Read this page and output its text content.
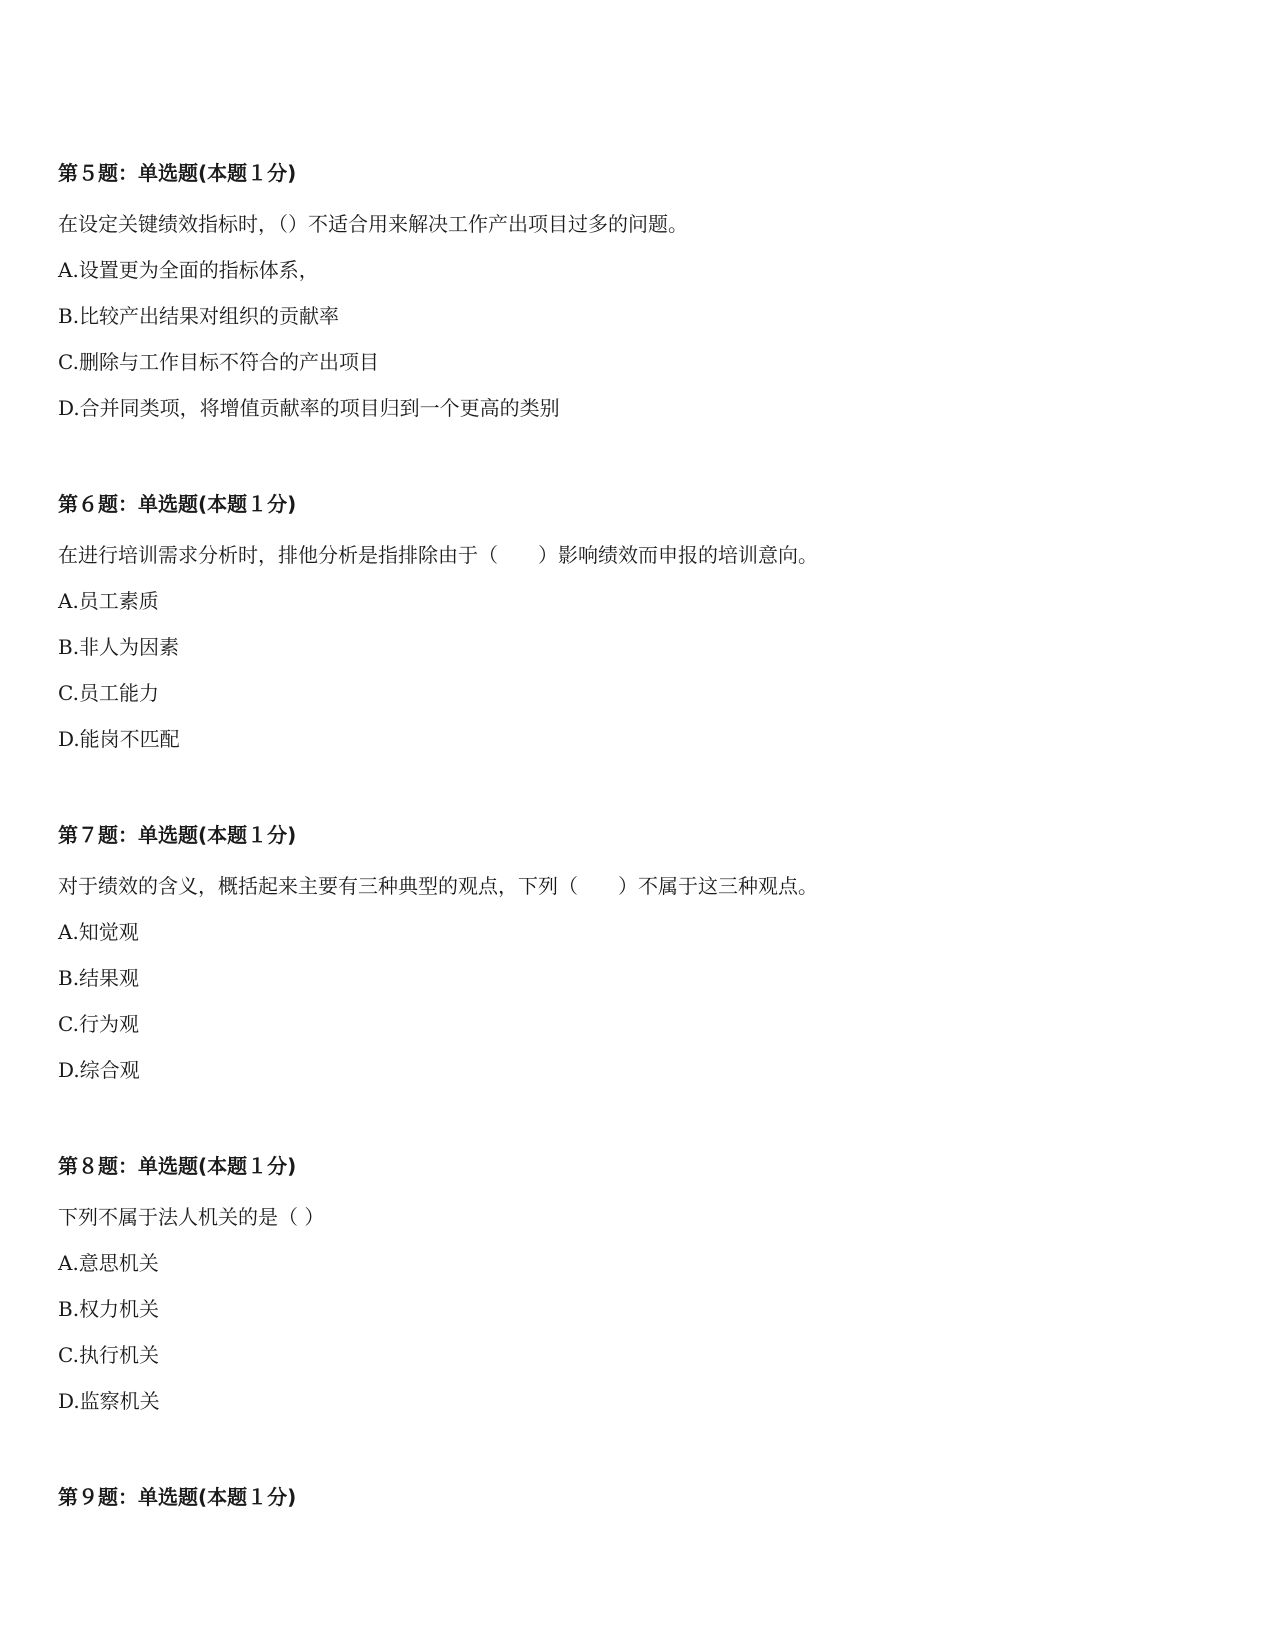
第５题：单选题(本题１分)
在设定关键绩效指标时，（）不适合用来解决工作产出项目过多的问题。
A.设置更为全面的指标体系，
B.比较产出结果对组织的贡献率
C.删除与工作目标不符合的产出项目
D.合并同类项，将增值贡献率的项目归到一个更高的类别
第６题：单选题(本题１分)
在进行培训需求分析时，排他分析是指排除由于（　　）影响绩效而申报的培训意向。
A.员工素质
B.非人为因素
C.员工能力
D.能岗不匹配
第７题：单选题(本题１分)
对于绩效的含义，概括起来主要有三种典型的观点，下列（　　）不属于这三种观点。
A.知觉观
B.结果观
C.行为观
D.综合观
第８题：单选题(本题１分)
下列不属于法人机关的是（ ）
A.意思机关
B.权力机关
C.执行机关
D.监察机关
第９题：单选题(本题１分)
